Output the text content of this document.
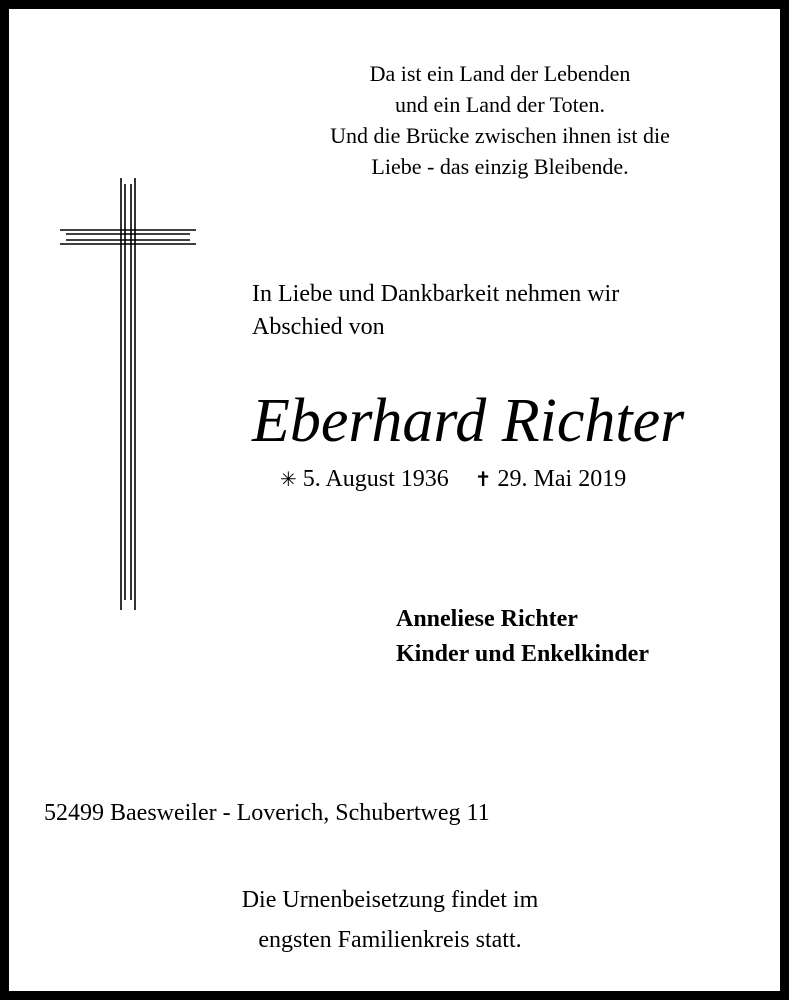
Da ist ein Land der Lebenden
und ein Land der Toten.
Und die Brücke zwischen ihnen ist die
Liebe - das einzig Bleibende.
In Liebe und Dankbarkeit nehmen wir
Abschied von
Eberhard Richter
✳ 5. August 1936 ✝ 29. Mai 2019
Anneliese Richter
Kinder und Enkelkinder
52499 Baesweiler - Loverich, Schubertweg 11
Die Urnenbeisetzung findet im
engsten Familienkreis statt.
